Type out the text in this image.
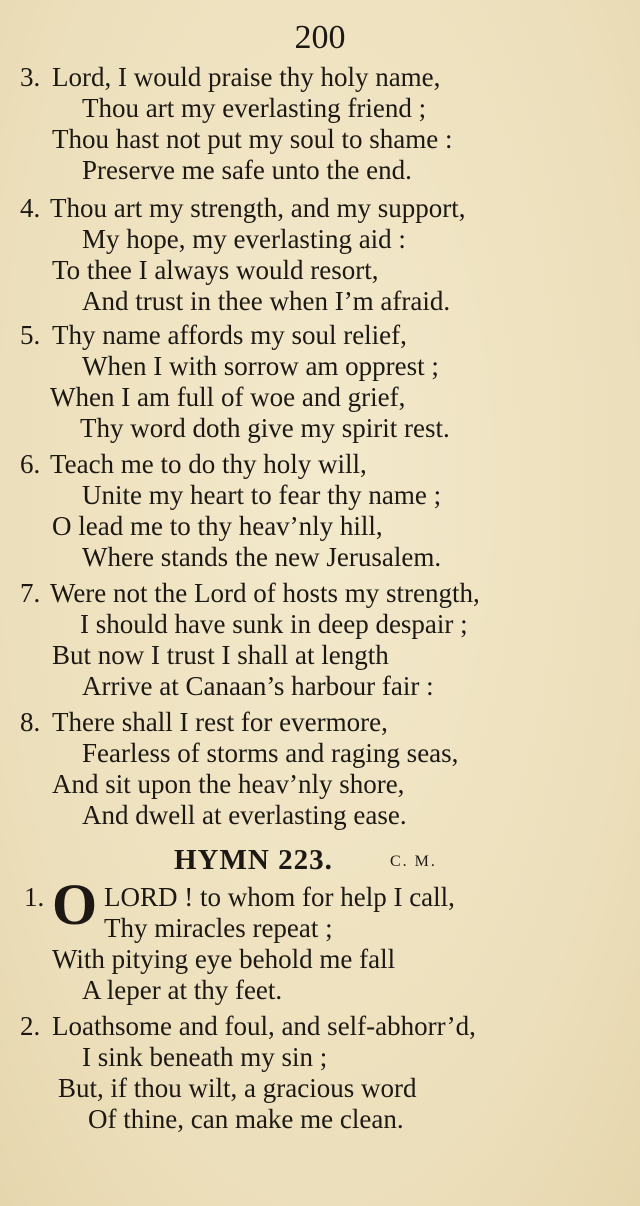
200
3. Lord, I would praise thy holy name,
Thou art my everlasting friend ;
Thou hast not put my soul to shame :
Preserve me safe unto the end.
4. Thou art my strength, and my support,
My hope, my everlasting aid :
To thee I always would resort,
And trust in thee when I’m afraid.
5. Thy name affords my soul relief,
When I with sorrow am opprest ;
When I am full of woe and grief,
Thy word doth give my spirit rest.
6. Teach me to do thy holy will,
Unite my heart to fear thy name ;
O lead me to thy heav’nly hill,
Where stands the new Jerusalem.
7. Were not the Lord of hosts my strength,
I should have sunk in deep despair ;
But now I trust I shall at length
Arrive at Canaan’s harbour fair :
8. There shall I rest for evermore,
Fearless of storms and raging seas,
And sit upon the heav’nly shore,
And dwell at everlasting ease.
HYMN 223.	C. M.
1. LORD ! to whom for help I call,
Thy miracles repeat ;
With pitying eye behold me fall
A leper at thy feet.
O
2. Loathsome and foul, and self-abhorr’d,
I sink beneath my sin ;
But, if thou wilt, a gracious word
Of thine, can make me clean.
